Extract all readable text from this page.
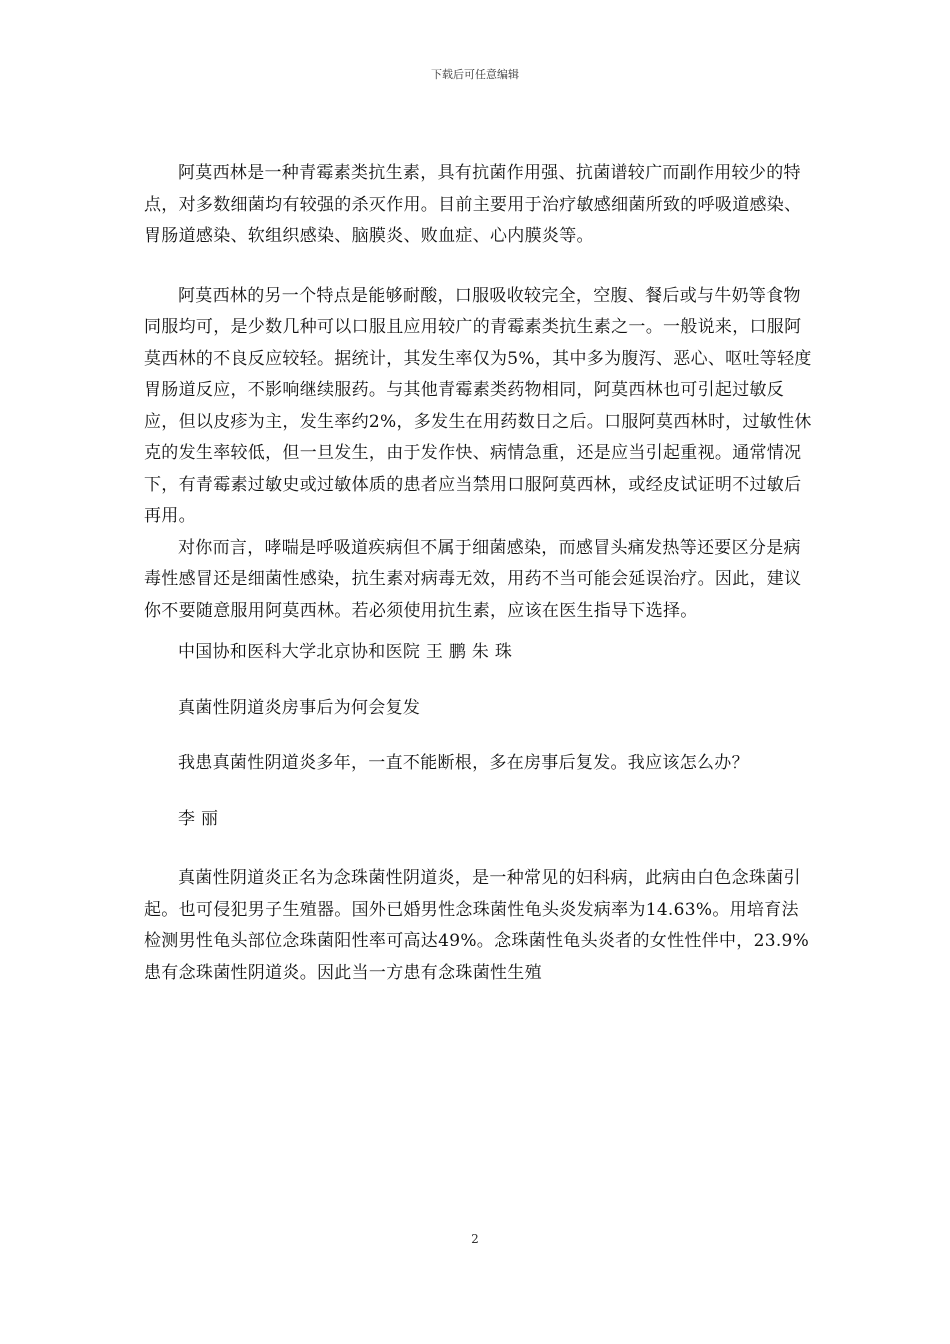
下载后可任意编辑

阿莫西林是一种青霉素类抗生素，具有抗菌作用强、抗菌谱较广而副作用较少的特点，对多数细菌均有较强的杀灭作用。目前主要用于治疗敏感细菌所致的呼吸道感染、胃肠道感染、软组织感染、脑膜炎、败血症、心内膜炎等。

阿莫西林的另一个特点是能够耐酸，口服吸收较完全，空腹、餐后或与牛奶等食物同服均可，是少数几种可以口服且应用较广的青霉素类抗生素之一。一般说来，口服阿莫西林的不良反应较轻。据统计，其发生率仅为5%，其中多为腹泻、恶心、呕吐等轻度胃肠道反应，不影响继续服药。与其他青霉素类药物相同，阿莫西林也可引起过敏反应，但以皮疹为主，发生率约2%，多发生在用药数日之后。口服阿莫西林时，过敏性休克的发生率较低，但一旦发生，由于发作快、病情急重，还是应当引起重视。通常情况下，有青霉素过敏史或过敏体质的患者应当禁用口服阿莫西林，或经皮试证明不过敏后再用。

对你而言，哮喘是呼吸道疾病但不属于细菌感染，而感冒头痛发热等还要区分是病毒性感冒还是细菌性感染，抗生素对病毒无效，用药不当可能会延误治疗。因此，建议你不要随意服用阿莫西林。若必须使用抗生素，应该在医生指导下选择。

中国协和医科大学北京协和医院 王 鹏 朱 珠

真菌性阴道炎房事后为何会复发

我患真菌性阴道炎多年，一直不能断根，多在房事后复发。我应该怎么办？

李 丽

真菌性阴道炎正名为念珠菌性阴道炎，是一种常见的妇科病，此病由白色念珠菌引起。也可侵犯男子生殖器。国外已婚男性念珠菌性龟头炎发病率为14.63%。用培育法检测男性龟头部位念珠菌阳性率可高达49%。念珠菌性龟头炎者的女性性伴中，23.9%患有念珠菌性阴道炎。因此当一方患有念珠菌性生殖

2
